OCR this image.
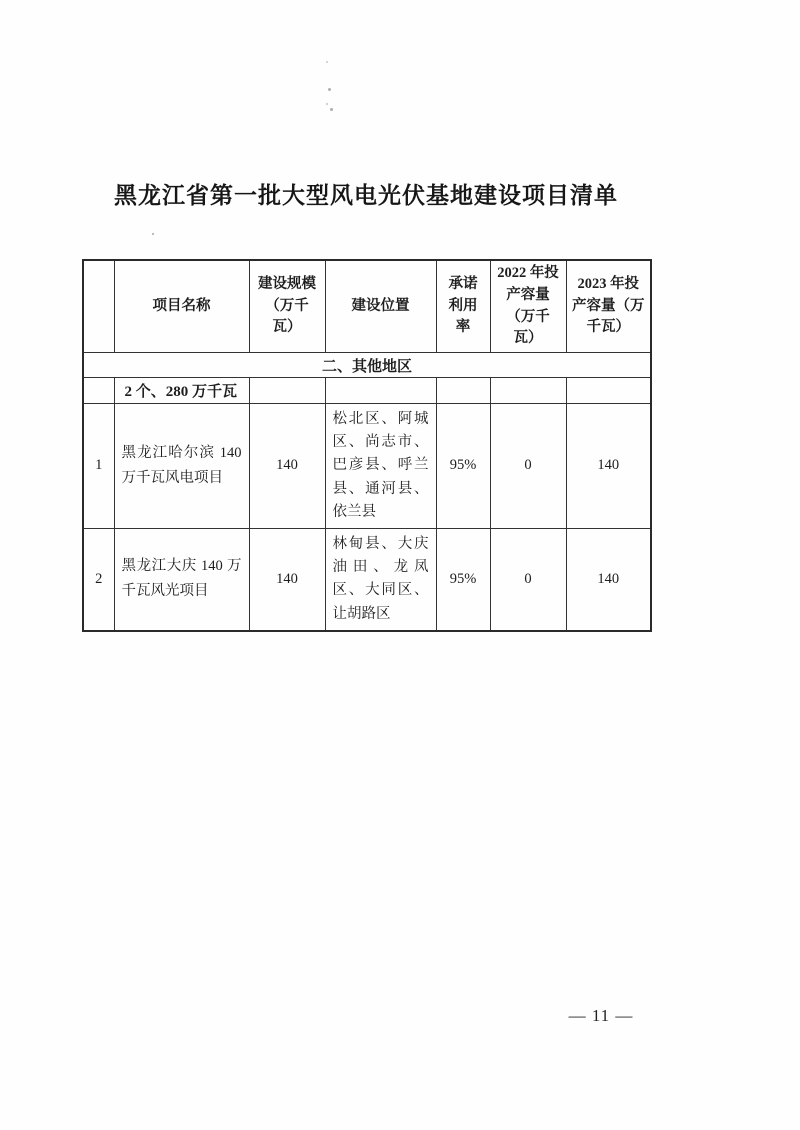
黑龙江省第一批大型风电光伏基地建设项目清单
	项目名称	建设规模（万千瓦）	建设位置	承诺利用率	2022 年投产容量（万千瓦）	2023 年投产容量（万千瓦）
二、其他地区						
	2 个、280 万千瓦					
1	黑龙江哈尔滨 140 万千瓦风电项目	140	松北区、阿城区、尚志市、巴彦县、呼兰县、通河县、依兰县	95%	0	140
2	黑龙江大庆 140 万千瓦风光项目	140	林甸县、大庆油田、龙凤区、大同区、让胡路区	95%	0	140
— 11 —
